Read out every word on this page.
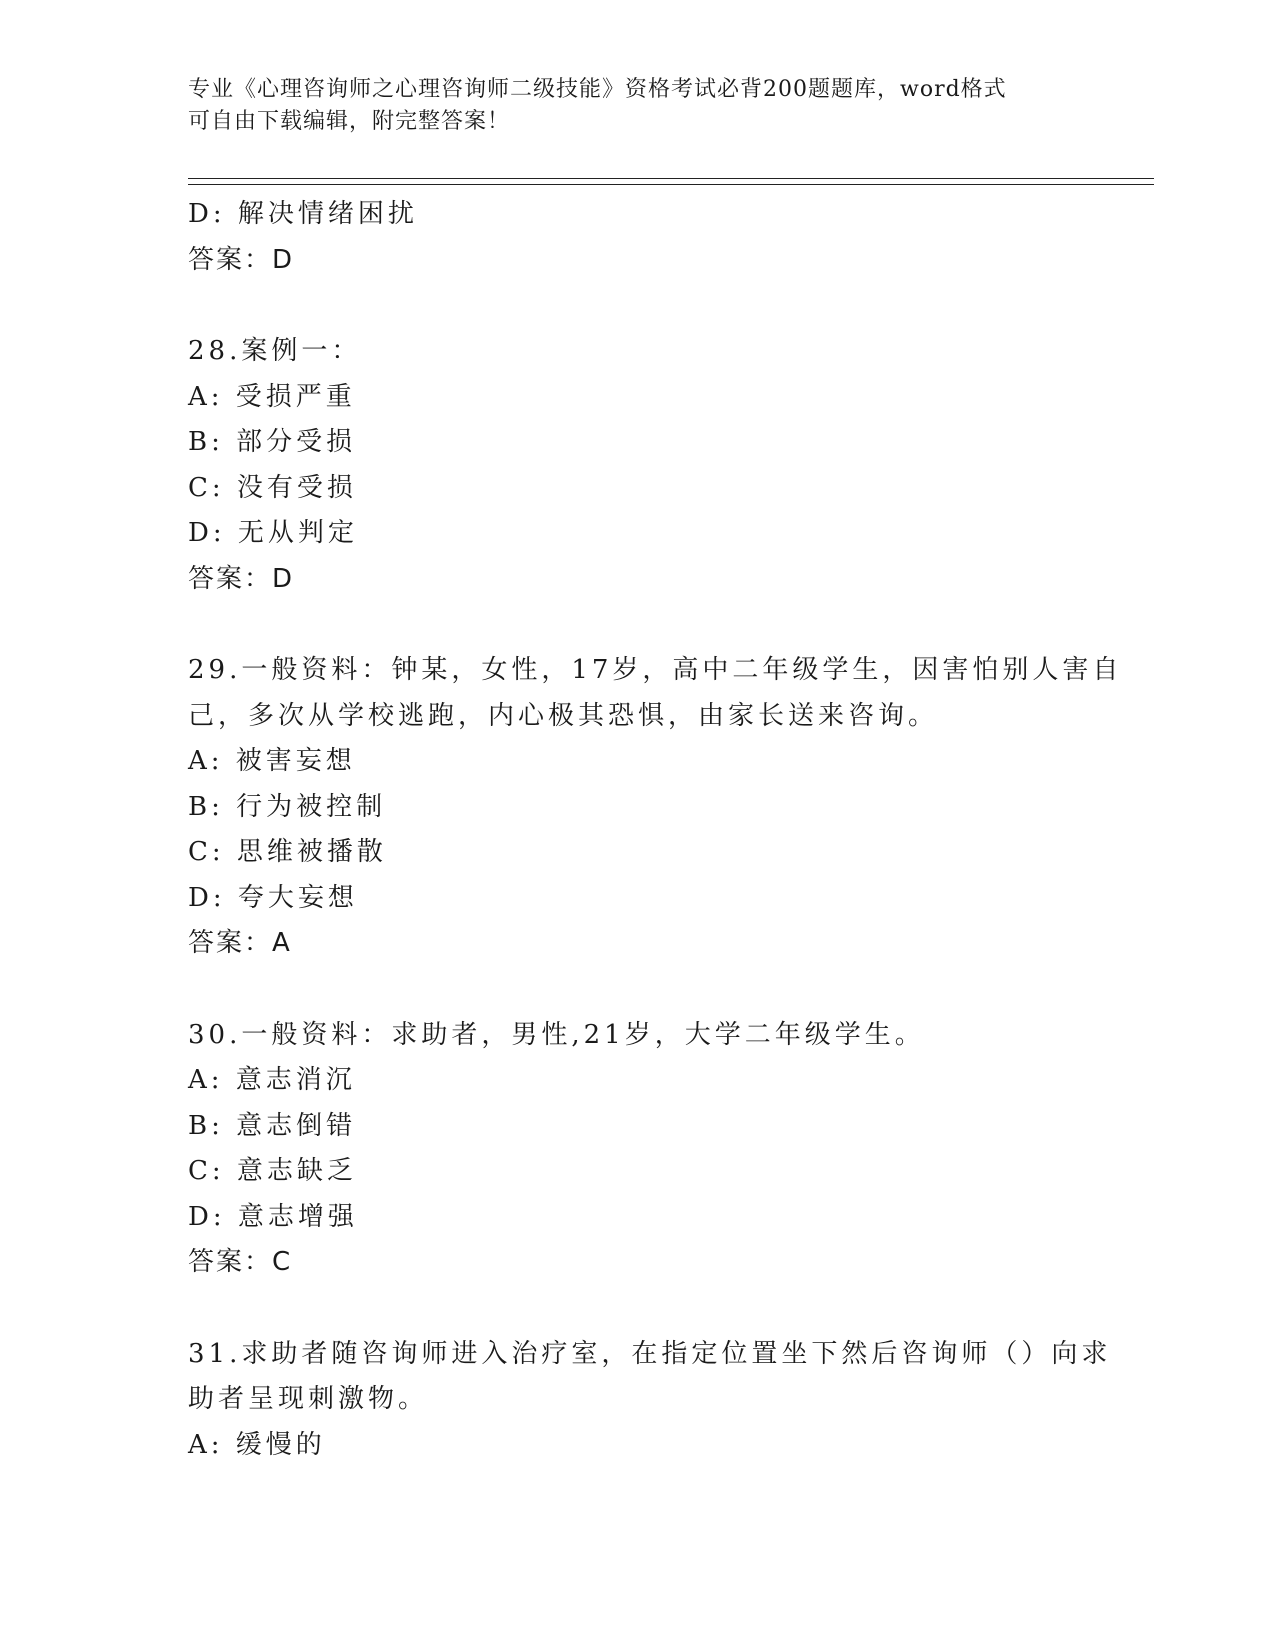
专业《心理咨询师之心理咨询师二级技能》资格考试必背200题题库，word格式
可自由下载编辑，附完整答案！
D: 解决情绪困扰
答案：D
28.案例一：
A: 受损严重
B: 部分受损
C: 没有受损
D: 无从判定
答案：D
29.一般资料：钟某，女性，17岁，高中二年级学生，因害怕别人害自
己，多次从学校逃跑，内心极其恐惧，由家长送来咨询。
A: 被害妄想
B: 行为被控制
C: 思维被播散
D: 夸大妄想
答案：A
30.一般资料：求助者，男性,21岁，大学二年级学生。
A: 意志消沉
B: 意志倒错
C: 意志缺乏
D: 意志增强
答案：C
31.求助者随咨询师进入治疗室，在指定位置坐下然后咨询师（）向求
助者呈现刺激物。
A: 缓慢的
